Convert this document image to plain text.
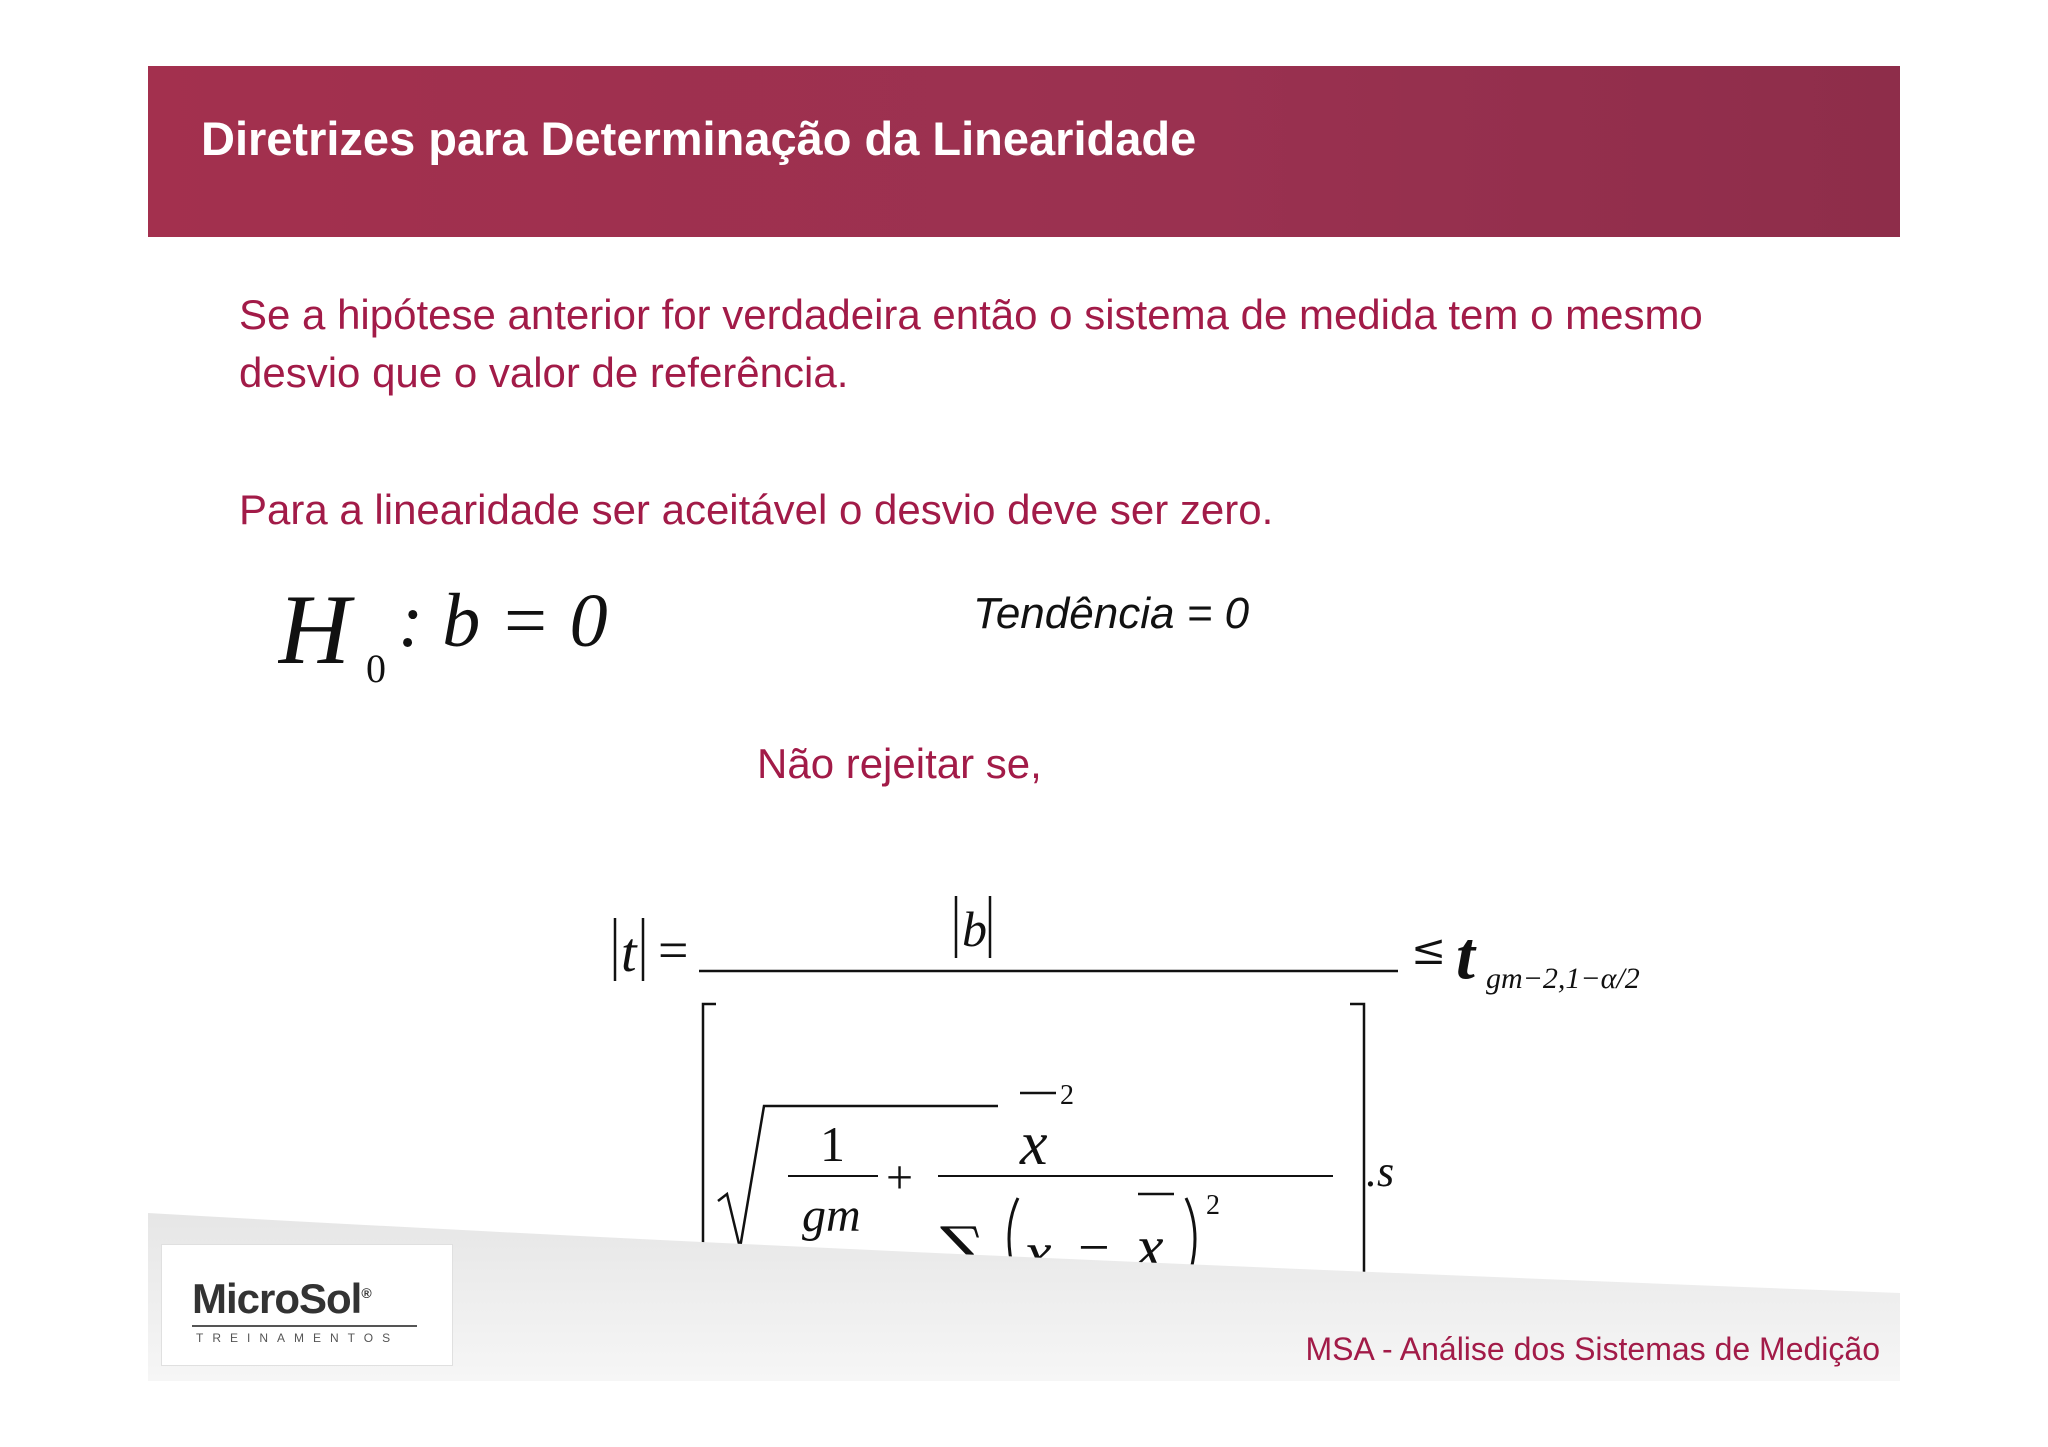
Diretrizes para Determinação da Linearidade

Se a hipótese anterior for verdadeira então o sistema de medida tem o mesmo desvio que o valor de referência.

Para a linearidade ser aceitável o desvio deve ser zero.

H 0
: b = 0	Tendência = 0

Não rejeitar se,

t =	b
1
gm
+
2
x
∑ x − x
2
.s
≤ t gm−2,1−α/2
MicroSol®
TREINAMENTOS	MSA - Análise dos Sistemas de Medição
